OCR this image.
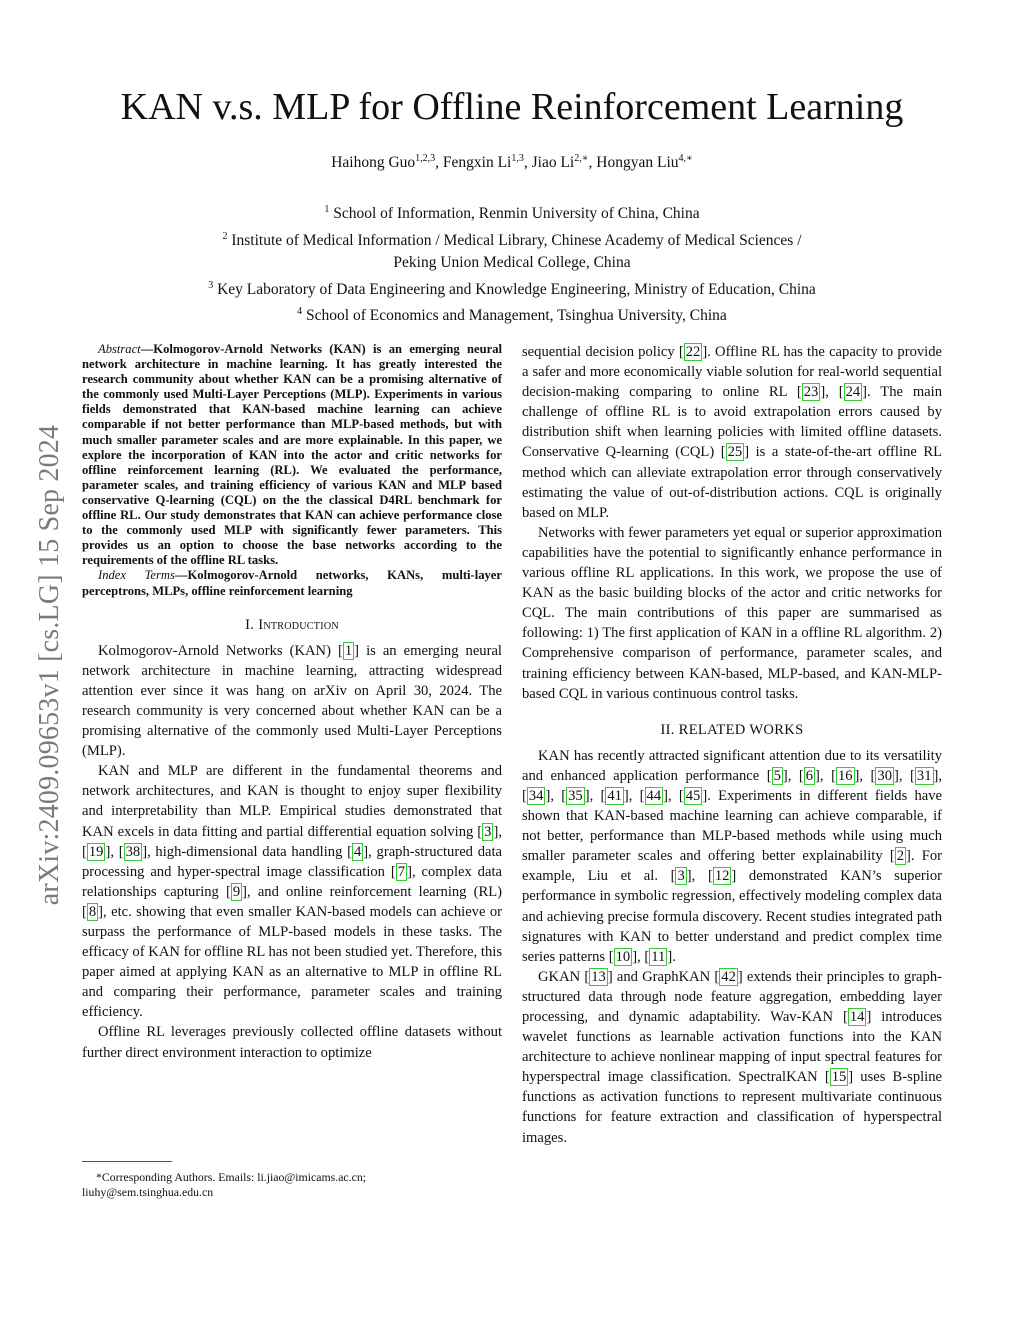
KAN v.s. MLP for Offline Reinforcement Learning
Haihong Guo$^{1,2,3}$, Fengxin Li$^{1,3}$, Jiao $Li^{2,∗}$, Hongyan Liu$^{4,∗}$
$^1$ School of Information, Renmin University of China, China
$^2$ Institute of Medical Information / Medical Library, Chinese Academy of Medical Sciences /
Peking Union Medical College, China
$^3$ Key Laboratory of Data Engineering and Knowledge Engineering, Ministry of Education, China
$^4$ School of Economics and Management, Tsinghua University, China
arXiv:2409.09653v1 [cs.LG] 15 Sep 2024

Abstract—Kolmogorov-Arnold Networks (KAN) is an emerging neural network architecture in machine learning. It has greatly interested the research community about whether KAN can be a promising alternative of the commonly used Multi-Layer Perceptions (MLP). Experiments in various fields demonstrated that KAN-based machine learning can achieve comparable if not better performance than MLP-based methods, but with much smaller parameter scales and are more explainable. In this paper, we explore the incorporation of KAN into the actor and critic networks for offline reinforcement learning (RL). We evaluated the performance, parameter scales, and training efficiency of various KAN and MLP based conservative Q-learning (CQL) on the the classical D4RL benchmark for offline RL. Our study demonstrates that KAN can achieve performance close to the commonly used MLP with significantly fewer parameters. This provides us an option to choose the base networks according to the requirements of the offline RL tasks.

Index Terms—Kolmogorov-Arnold networks, KANs, multi-layer perceptrons, MLPs, offline reinforcement learning

I. Introduction

Kolmogorov-Arnold Networks (KAN) [ 1 ] is an emerging neural network architecture in machine learning, attracting widespread attention ever since it was hang on arXiv on April 30, 2024. The research community is very concerned about whether KAN can be a promising alternative of the commonly used Multi-Layer Perceptions (MLP).

KAN and MLP are different in the fundamental theorems and network architectures, and KAN is thought to enjoy super flexibility and interpretability than MLP. Empirical studies demonstrated that KAN excels in data fitting and partial differential equation solving [ 3 ], [ 19 ], [ 38 ], high-dimensional data handling [ 4 ], graph-structured data processing and hyper-spectral image classification [ 7 ], complex data relationships capturing [ 9 ], and online reinforcement learning (RL) [ 8 ], etc. showing that even smaller KAN-based models can achieve or surpass the performance of MLP-based models in these tasks. The efficacy of KAN for offline RL has not been studied yet. Therefore, this paper aimed at applying KAN as an alternative to MLP in offline RL and comparing their performance, parameter scales and training efficiency.

Offline RL leverages previously collected offline datasets without further direct environment interaction to optimize

sequential decision policy [ 22 ]. Offline RL has the capacity to provide a safer and more economically viable solution for real-world sequential decision-making comparing to online RL [ 23 ], [ 24 ]. The main challenge of offline RL is to avoid extrapolation errors caused by distribution shift when learning policies with limited offline datasets. Conservative Q-learning (CQL) [ 25 ] is a state-of-the-art offline RL method which can alleviate extrapolation error through conservatively estimating the value of out-of-distribution actions. CQL is originally based on MLP.

Networks with fewer parameters yet equal or superior approximation capabilities have the potential to significantly enhance performance in various offline RL applications. In this work, we propose the use of KAN as the basic building blocks of the actor and critic networks for CQL. The main contributions of this paper are summarised as following: 1) The first application of KAN in a offline RL algorithm. 2) Comprehensive comparison of performance, parameter scales, and training efficiency between KAN-based, MLP-based, and KAN-MLP-based CQL in various continuous control tasks.

II. RELATED WORKS

KAN has recently attracted significant attention due to its versatility and enhanced application performance [ 5 ], [ 6 ], [ 16 ], [ 30 ], [ 31 ], [ 34 ], [ 35 ], [ 41 ], [ 44 ], [ 45 ]. Experiments in different fields have shown that KAN-based machine learning can achieve comparable, if not better, performance than MLP-based methods while using much smaller parameter scales and offering better explainability [ 2 ]. For example, Liu et al. [ 3 ], [ 12 ] demonstrated KAN’s superior performance in symbolic regression, effectively modeling complex data and achieving precise formula discovery. Recent studies integrated path signatures with KAN to better understand and predict complex time series patterns [ 10 ], [ 11 ].

GKAN [ 13 ] and GraphKAN [ 42 ] extends their principles to graph-structured data through node feature aggregation, embedding layer processing, and dynamic adaptability. Wav-KAN [ 14 ] introduces wavelet functions as learnable activation functions into the KAN architecture to achieve nonlinear mapping of input spectral features for hyperspectral image classification. SpectralKAN [ 15 ] uses B-spline functions as activation functions to represent multivariate continuous functions for feature extraction and classification of hyperspectral images.

*Corresponding Authors. Emails: li.jiao@imicams.ac.cn;

liuhy@sem.tsinghua.edu.cn
